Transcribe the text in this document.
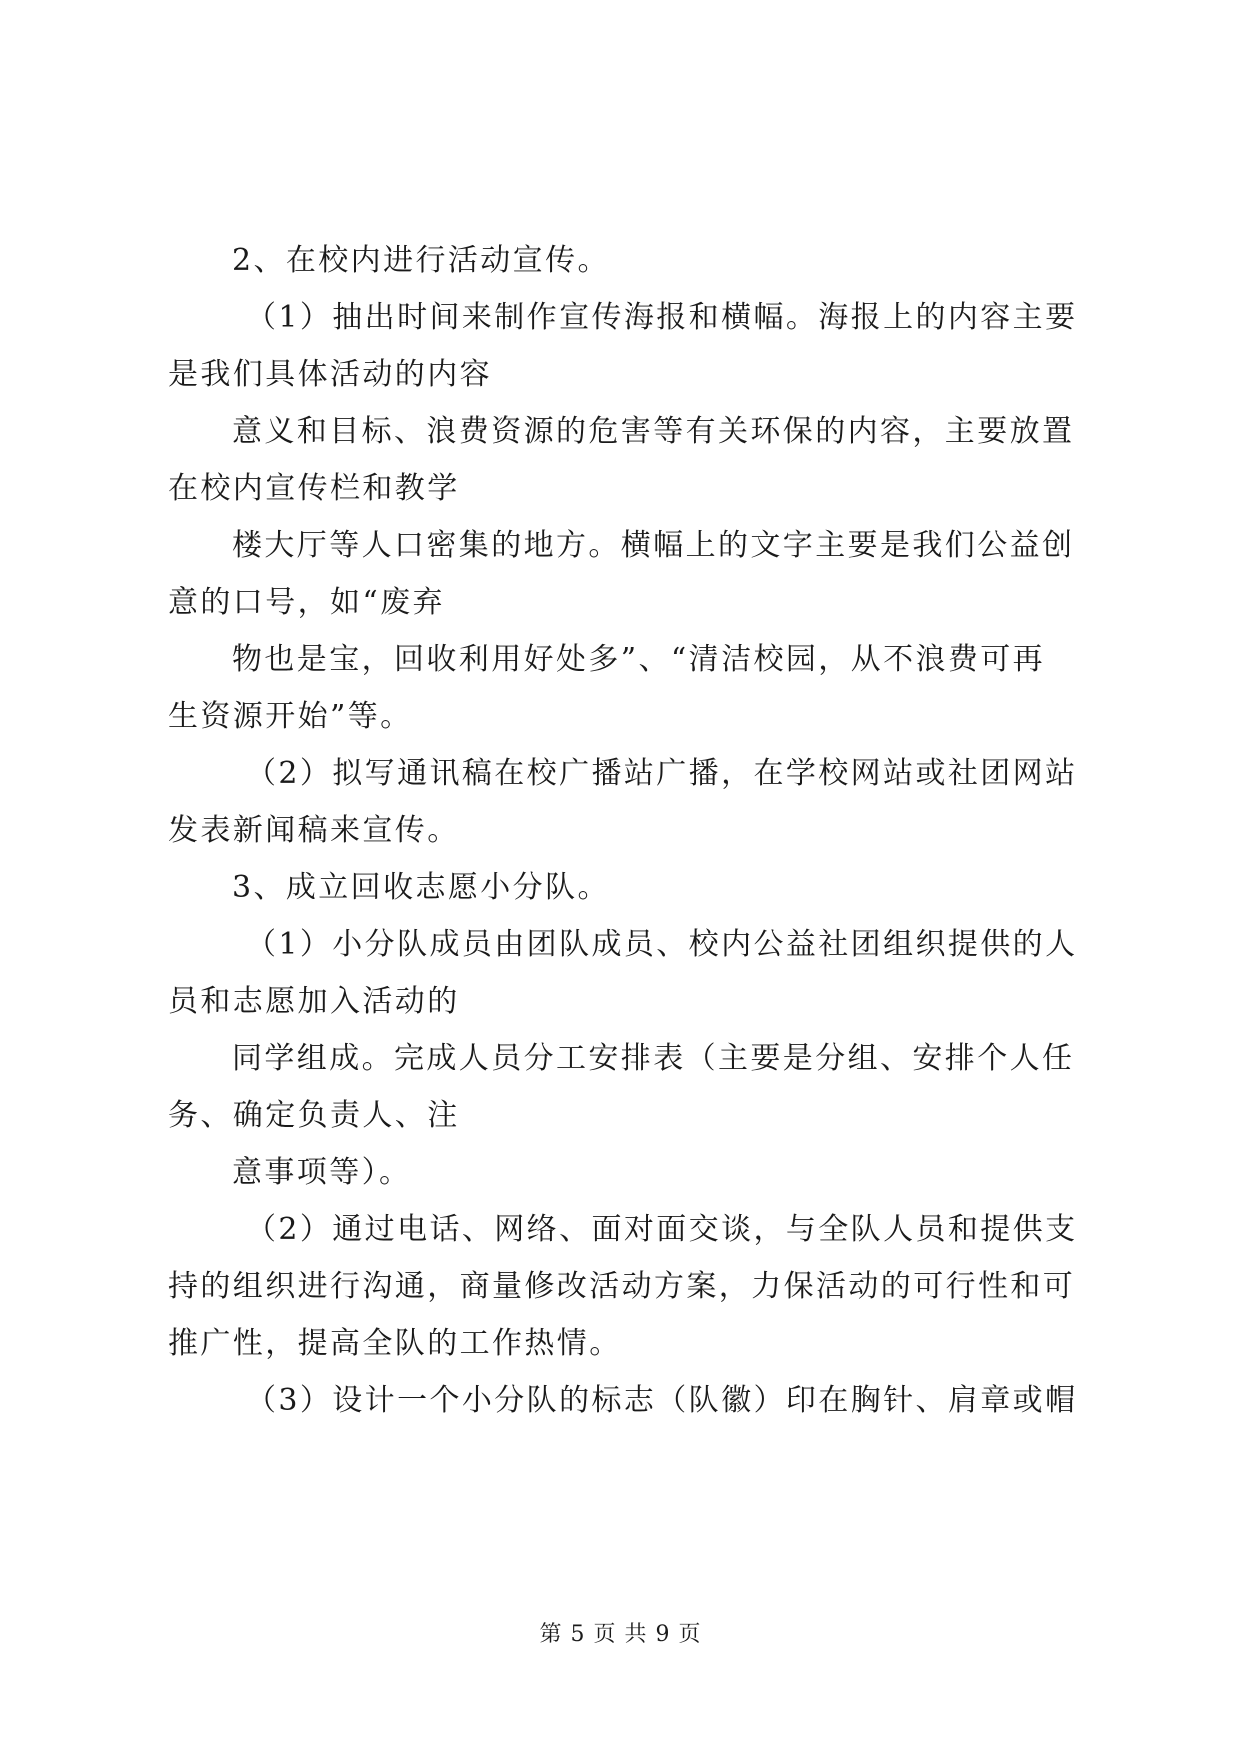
2、在校内进行活动宣传。

（1）抽出时间来制作宣传海报和横幅。海报上的内容主要
是我们具体活动的内容

意义和目标、浪费资源的危害等有关环保的内容，主要放置
在校内宣传栏和教学

楼大厅等人口密集的地方。横幅上的文字主要是我们公益创
意的口号，如“废弃

物也是宝，回收利用好处多”、“清洁校园，从不浪费可再
生资源开始”等。

（2）拟写通讯稿在校广播站广播，在学校网站或社团网站
发表新闻稿来宣传。

3、成立回收志愿小分队。

（1）小分队成员由团队成员、校内公益社团组织提供的人
员和志愿加入活动的

同学组成。完成人员分工安排表（主要是分组、安排个人任
务、确定负责人、注

意事项等）。

（2）通过电话、网络、面对面交谈，与全队人员和提供支
持的组织进行沟通，商量修改活动方案，力保活动的可行性和可
推广性，提高全队的工作热情。

（3）设计一个小分队的标志（队徽）印在胸针、肩章或帽

第 5 页 共 9 页
